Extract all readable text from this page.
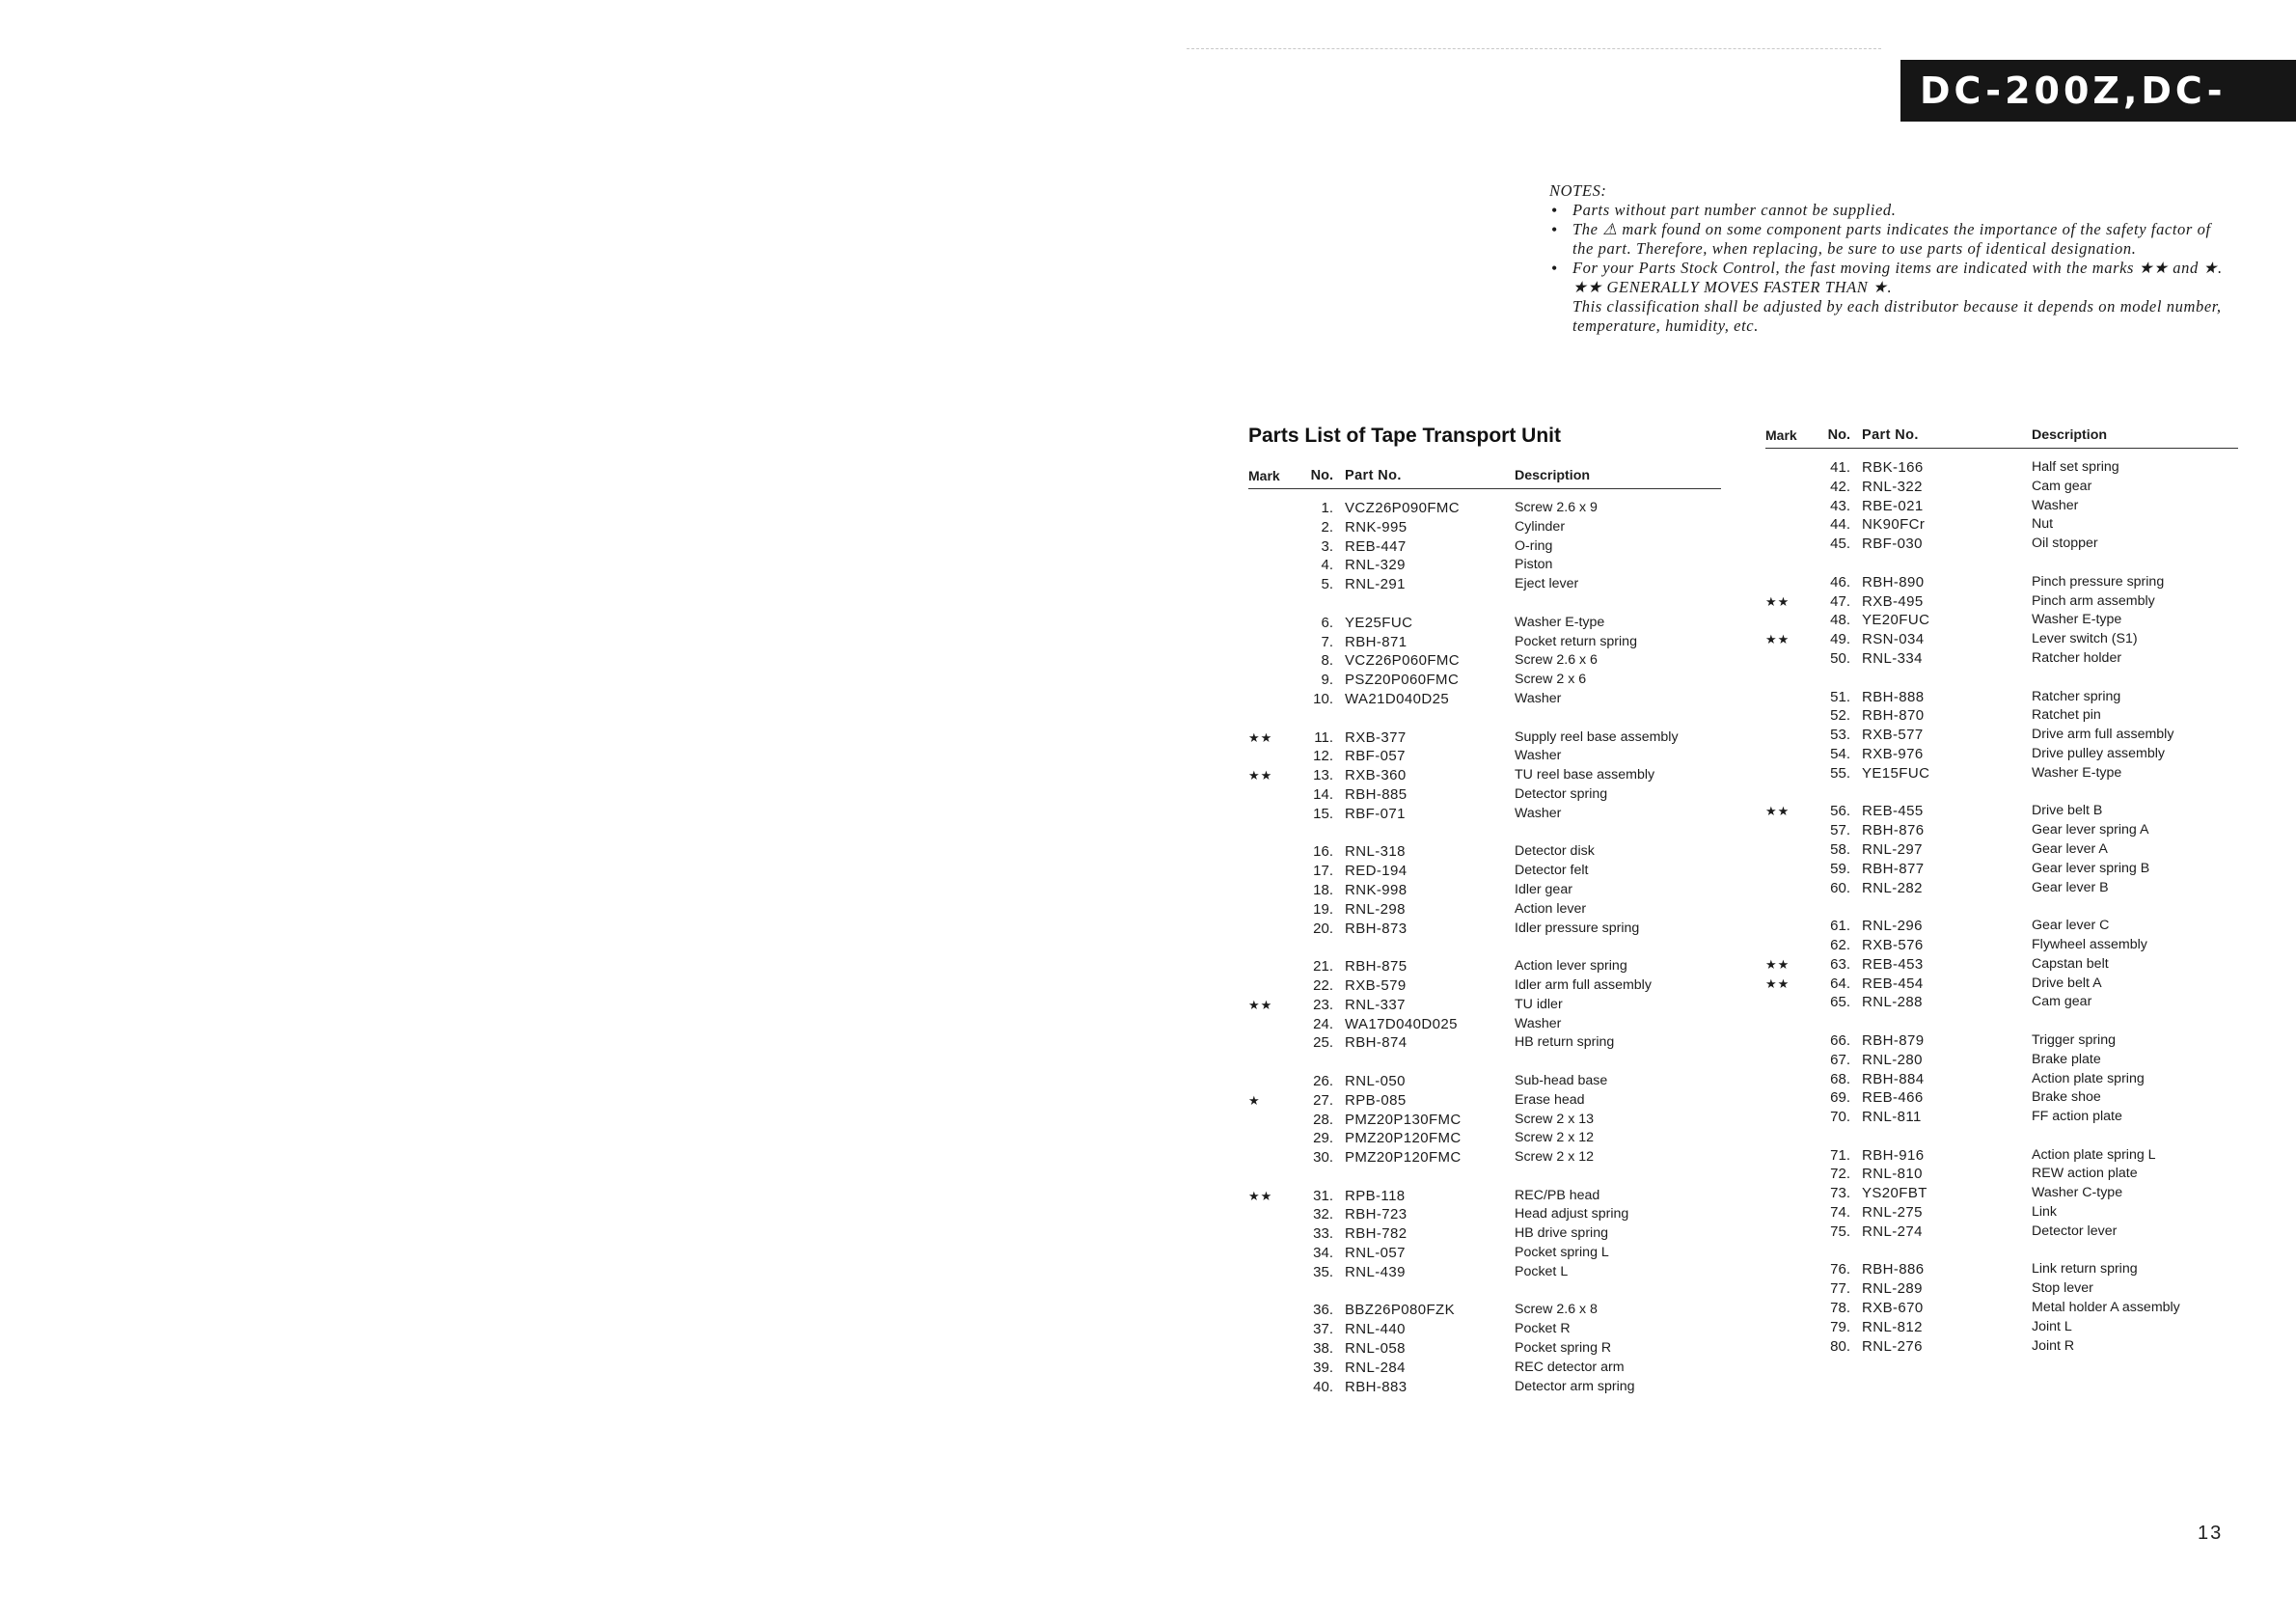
DC-200Z,DC-201Z

NOTES:

• Parts without part number cannot be supplied.
• The ⚠ mark found on some component parts indicates the importance of the safety factor of the part. Therefore, when replacing, be sure to use parts of identical designation.
• For your Parts Stock Control, the fast moving items are indicated with the marks ★★ and ★.

★★ GENERALLY MOVES FASTER THAN ★.

This classification shall be adjusted by each distributor because it depends on model number, temperature, humidity, etc.

Parts List of Tape Transport Unit
Mark	No. Part No.	Description
1. VCZ26P090FMC	Screw 2.6 x 9
2. RNK-995	Cylinder
3. REB-447	O-ring
4. RNL-329	Piston
5. RNL-291	Eject lever
6. YE25FUC	Washer E-type
7. RBH-871	Pocket return spring
8. VCZ26P060FMC	Screw 2.6 x 6
9. PSZ20P060FMC	Screw 2 x 6
10. WA21D040D25	Washer
★★	11. RXB-377	Supply reel base assembly
12. RBF-057	Washer
★★	13. RXB-360	TU reel base assembly
14. RBH-885	Detector spring
15. RBF-071	Washer
16. RNL-318	Detector disk
17. RED-194	Detector felt
18. RNK-998	Idler gear
19. RNL-298	Action lever
20. RBH-873	Idler pressure spring
21. RBH-875	Action lever spring
22. RXB-579	Idler arm full assembly
★★	23. RNL-337	TU idler
24. WA17D040D025	Washer
25. RBH-874	HB return spring
26. RNL-050	Sub-head base
★	27. RPB-085	Erase head
28. PMZ20P130FMC	Screw 2 x 13
29. PMZ20P120FMC	Screw 2 x 12
30. PMZ20P120FMC	Screw 2 x 12
★★	31. RPB-118	REC/PB head
32. RBH-723	Head adjust spring
33. RBH-782	HB drive spring
34. RNL-057	Pocket spring L
35. RNL-439	Pocket L
36. BBZ26P080FZK	Screw 2.6 x 8
37. RNL-440	Pocket R
38. RNL-058	Pocket spring R
39. RNL-284	REC detector arm
40. RBH-883	Detector arm spring
Mark	No. Part No.	Description
41. RBK-166	Half set spring
42. RNL-322	Cam gear
43. RBE-021	Washer
44. NK90FCr	Nut
45. RBF-030	Oil stopper
46. RBH-890	Pinch pressure spring
★★	47. RXB-495	Pinch arm assembly
48. YE20FUC	Washer E-type
★★	49. RSN-034	Lever switch (S1)
50. RNL-334	Ratcher holder
51. RBH-888	Ratcher spring
52. RBH-870	Ratchet pin
53. RXB-577	Drive arm full assembly
54. RXB-976	Drive pulley assembly
55. YE15FUC	Washer E-type
★★	56. REB-455	Drive belt B
57. RBH-876	Gear lever spring A
58. RNL-297	Gear lever A
59. RBH-877	Gear lever spring B
60. RNL-282	Gear lever B
61. RNL-296	Gear lever C
62. RXB-576	Flywheel assembly
★★	63. REB-453	Capstan belt
★★	64. REB-454	Drive belt A
65. RNL-288	Cam gear
66. RBH-879	Trigger spring
67. RNL-280	Brake plate
68. RBH-884	Action plate spring
69. REB-466	Brake shoe
70. RNL-811	FF action plate
71. RBH-916	Action plate spring L
72. RNL-810	REW action plate
73. YS20FBT	Washer C-type
74. RNL-275	Link
75. RNL-274	Detector lever
76. RBH-886	Link return spring
77. RNL-289	Stop lever
78. RXB-670	Metal holder A assembly
79. RNL-812	Joint L
80. RNL-276	Joint R
13
